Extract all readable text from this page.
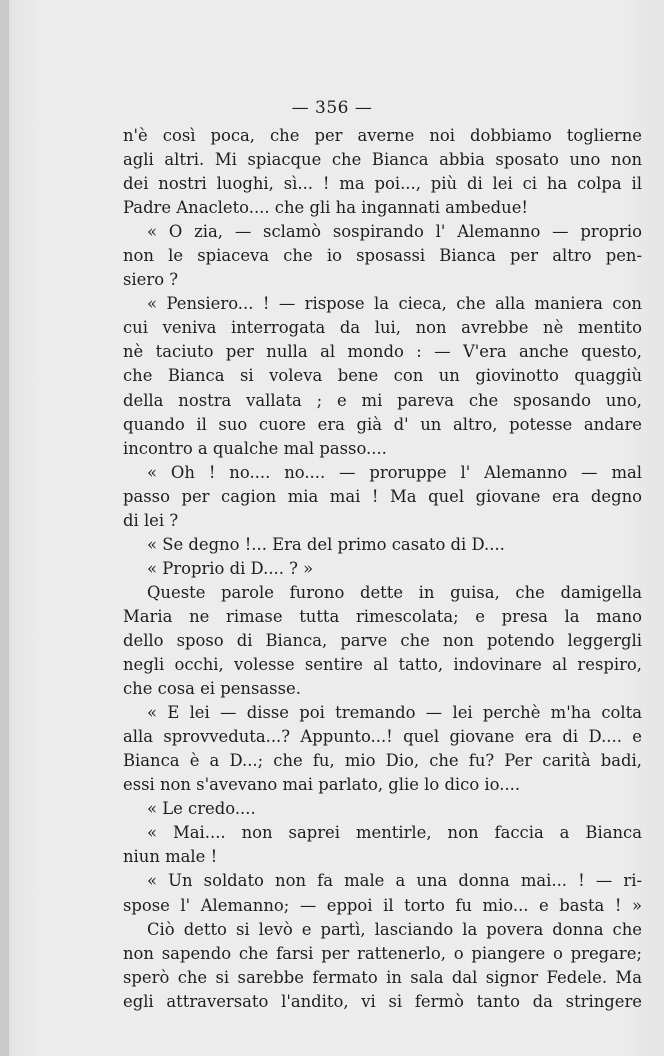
— 356 —
n'è così poca, che per averne noi dobbiamo toglierne
agli altri. Mi spiacque che Bianca abbia sposato uno non
dei nostri luoghi, sì... ! ma poi..., più di lei ci ha colpa il
Padre Anacleto.... che gli ha ingannati ambedue!
« O zia, — sclamò sospirando l' Alemanno — proprio
non le spiaceva che io sposassi Bianca per altro pen-
siero ?
« Pensiero... ! — rispose la cieca, che alla maniera con
cui veniva interrogata da lui, non avrebbe nè mentito
nè taciuto per nulla al mondo : — V'era anche questo,
che Bianca si voleva bene con un giovinotto quaggiù
della nostra vallata ; e mi pareva che sposando uno,
quando il suo cuore era già d' un altro, potesse andare
incontro a qualche mal passo....
« Oh ! no.... no.... — proruppe l' Alemanno — mal
passo per cagion mia mai ! Ma quel giovane era degno
di lei ?
« Se degno !... Era del primo casato di D....
« Proprio di D.... ? »
Queste parole furono dette in guisa, che damigella
Maria ne rimase tutta rimescolata; e presa la mano
dello sposo di Bianca, parve che non potendo leggergli
negli occhi, volesse sentire al tatto, indovinare al respiro,
che cosa ei pensasse.
« E lei — disse poi tremando — lei perchè m'ha colta
alla sprovveduta...? Appunto...! quel giovane era di D.... e
Bianca è a D...; che fu, mio Dio, che fu? Per carità badi,
essi non s'avevano mai parlato, glie lo dico io....
« Le credo....
« Mai.... non saprei mentirle, non faccia a Bianca
niun male !
« Un soldato non fa male a una donna mai... ! — ri-
spose l' Alemanno; — eppoi il torto fu mio... e basta ! »
Ciò detto si levò e partì, lasciando la povera donna che
non sapendo che farsi per rattenerlo, o piangere o pregare;
sperò che si sarebbe fermato in sala dal signor Fedele. Ma
egli attraversato l'andito, vi si fermò tanto da stringere
